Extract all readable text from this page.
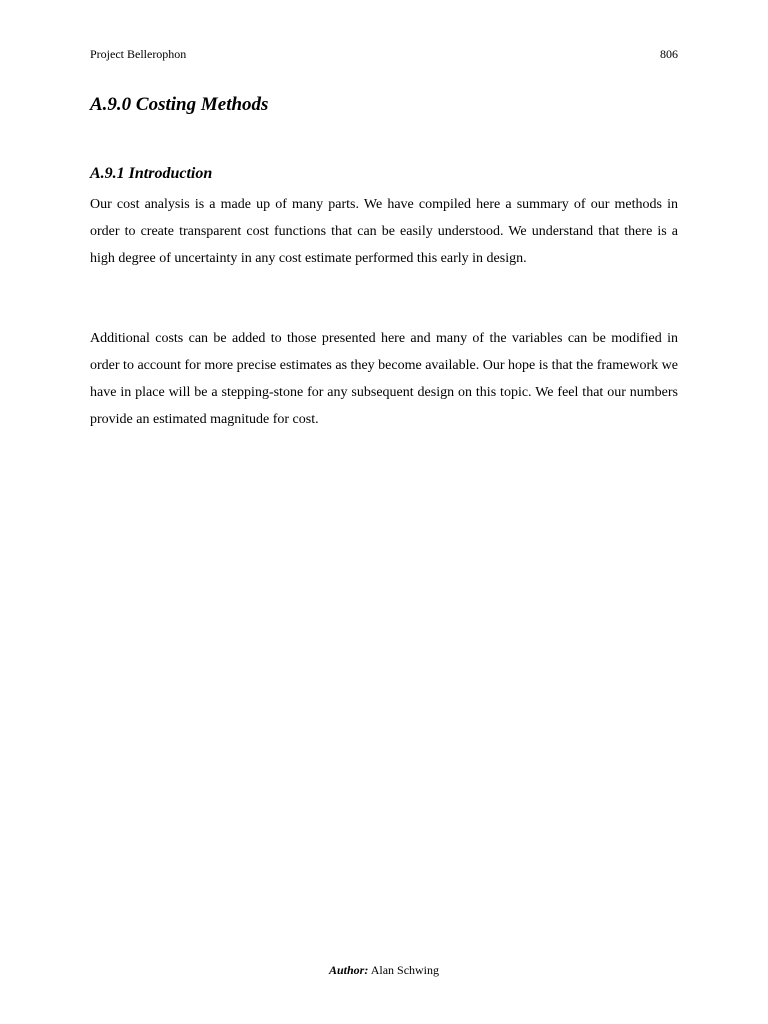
Project Bellerophon	806
A.9.0 Costing Methods
A.9.1 Introduction

Our cost analysis is a made up of many parts. We have compiled here a summary of our methods in order to create transparent cost functions that can be easily understood. We understand that there is a high degree of uncertainty in any cost estimate performed this early in design.

Additional costs can be added to those presented here and many of the variables can be modified in order to account for more precise estimates as they become available. Our hope is that the framework we have in place will be a stepping-stone for any subsequent design on this topic. We feel that our numbers provide an estimated magnitude for cost.

Author: Alan Schwing
